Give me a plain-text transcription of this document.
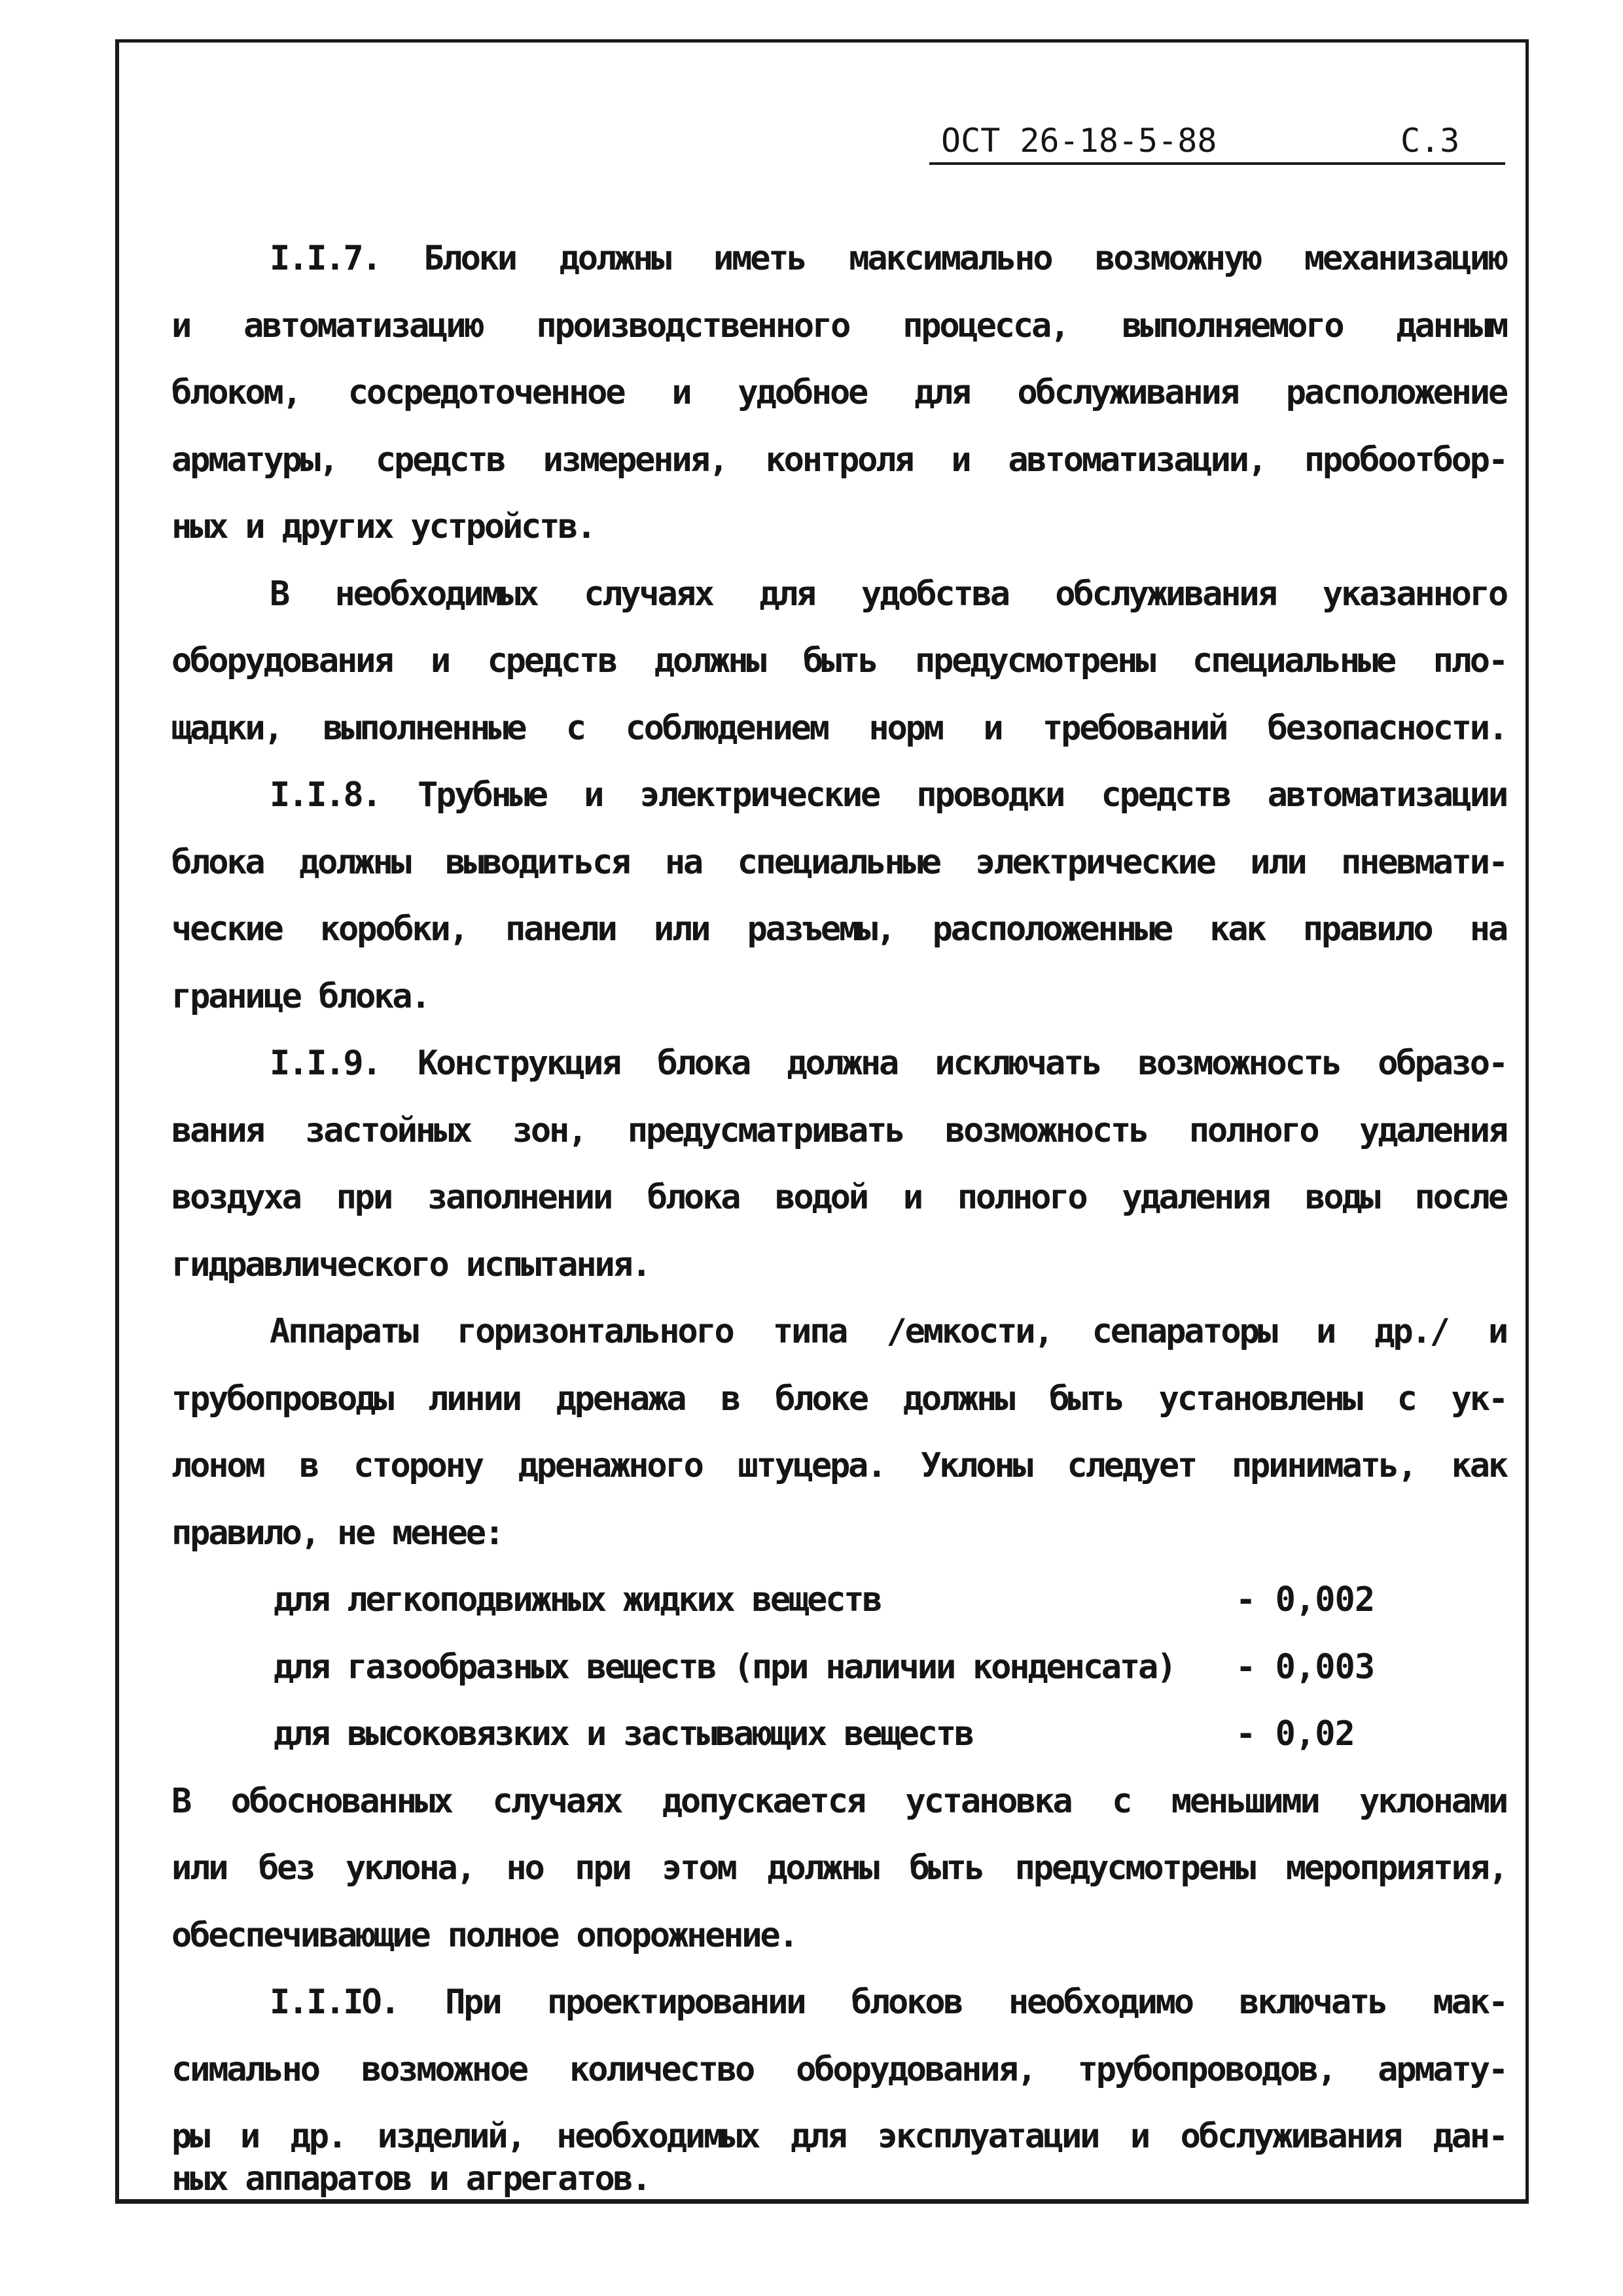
ОСТ 26-18-5-88	С.3
I.I.7. Блоки должны иметь максимально возможную механизацию
и автоматизацию производственного процесса, выполняемого данным
блоком, сосредоточенное и удобное для обслуживания расположение
арматуры, средств измерения, контроля и автоматизации, пробоотбор-
ных и других устройств.
В необходимых случаях для удобства обслуживания указанного
оборудования и средств должны быть предусмотрены специальные пло-
щадки, выполненные с соблюдением норм и требований безопасности.
I.I.8. Трубные и электрические проводки средств автоматизации
блока должны выводиться на специальные электрические или пневмати-
ческие коробки, панели или разъемы, расположенные как правило на
границе блока.
I.I.9. Конструкция блока должна исключать возможность образо-
вания застойных зон, предусматривать возможность полного удаления
воздуха при заполнении блока водой и полного удаления воды после
гидравлического испытания.
Аппараты горизонтального типа /емкости, сепараторы и др./ и
трубопроводы линии дренажа в блоке должны быть установлены с ук-
лоном в сторону дренажного штуцера. Уклоны следует принимать, как
правило, не менее:
для легкоподвижных жидких веществ	- 0,002
для газообразных веществ (при наличии конденсата)	- 0,003
для высоковязких и застывающих веществ	- 0,02
В обоснованных случаях допускается установка с меньшими уклонами
или без уклона, но при этом должны быть предусмотрены мероприятия,
обеспечивающие полное опорожнение.
I.I.IO. При проектировании блоков необходимо включать мак-
симально возможное количество оборудования, трубопроводов, армату-
ры и др. изделий, необходимых для эксплуатации и обслуживания дан-
ных аппаратов и агрегатов.
